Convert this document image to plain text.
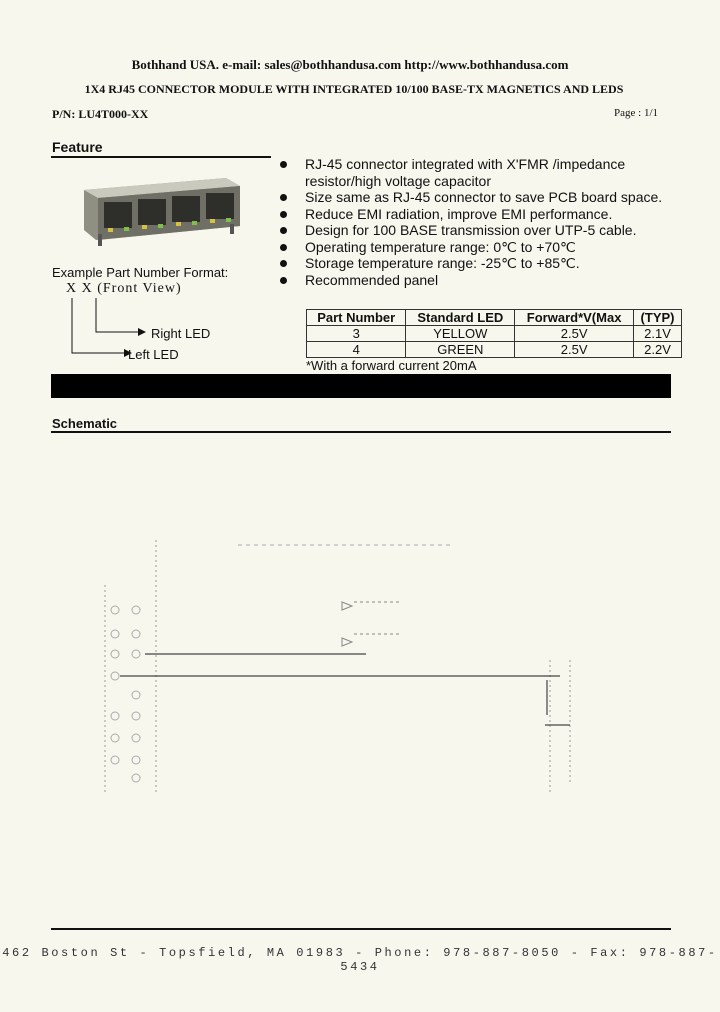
Bothhand USA. e-mail: sales@bothhandusa.com http://www.bothhandusa.com
1X4 RJ45 CONNECTOR MODULE WITH INTEGRATED 10/100 BASE-TX MAGNETICS AND LEDS
P/N: LU4T000-XX	Page : 1/1
Feature
Example Part Number Format:
X X (Front View)
Right LED
Left LED
RJ-45 connector integrated with X'FMR /impedance resistor/high voltage capacitor
Size same as RJ-45 connector to save PCB board space.
Reduce EMI radiation, improve EMI performance.
Design for 100 BASE transmission over UTP-5 cable.
Operating temperature range: 0℃ to +70℃
Storage temperature range: -25℃ to +85℃.
Recommended panel
Part Number	Standard LED	Forward*V(Max	(TYP)
3	YELLOW	2.5V	2.1V
4	GREEN	2.5V	2.2V
*With a forward current 20mA
Schematic
462 Boston St - Topsfield, MA 01983 - Phone: 978-887-8050 - Fax: 978-887-5434
